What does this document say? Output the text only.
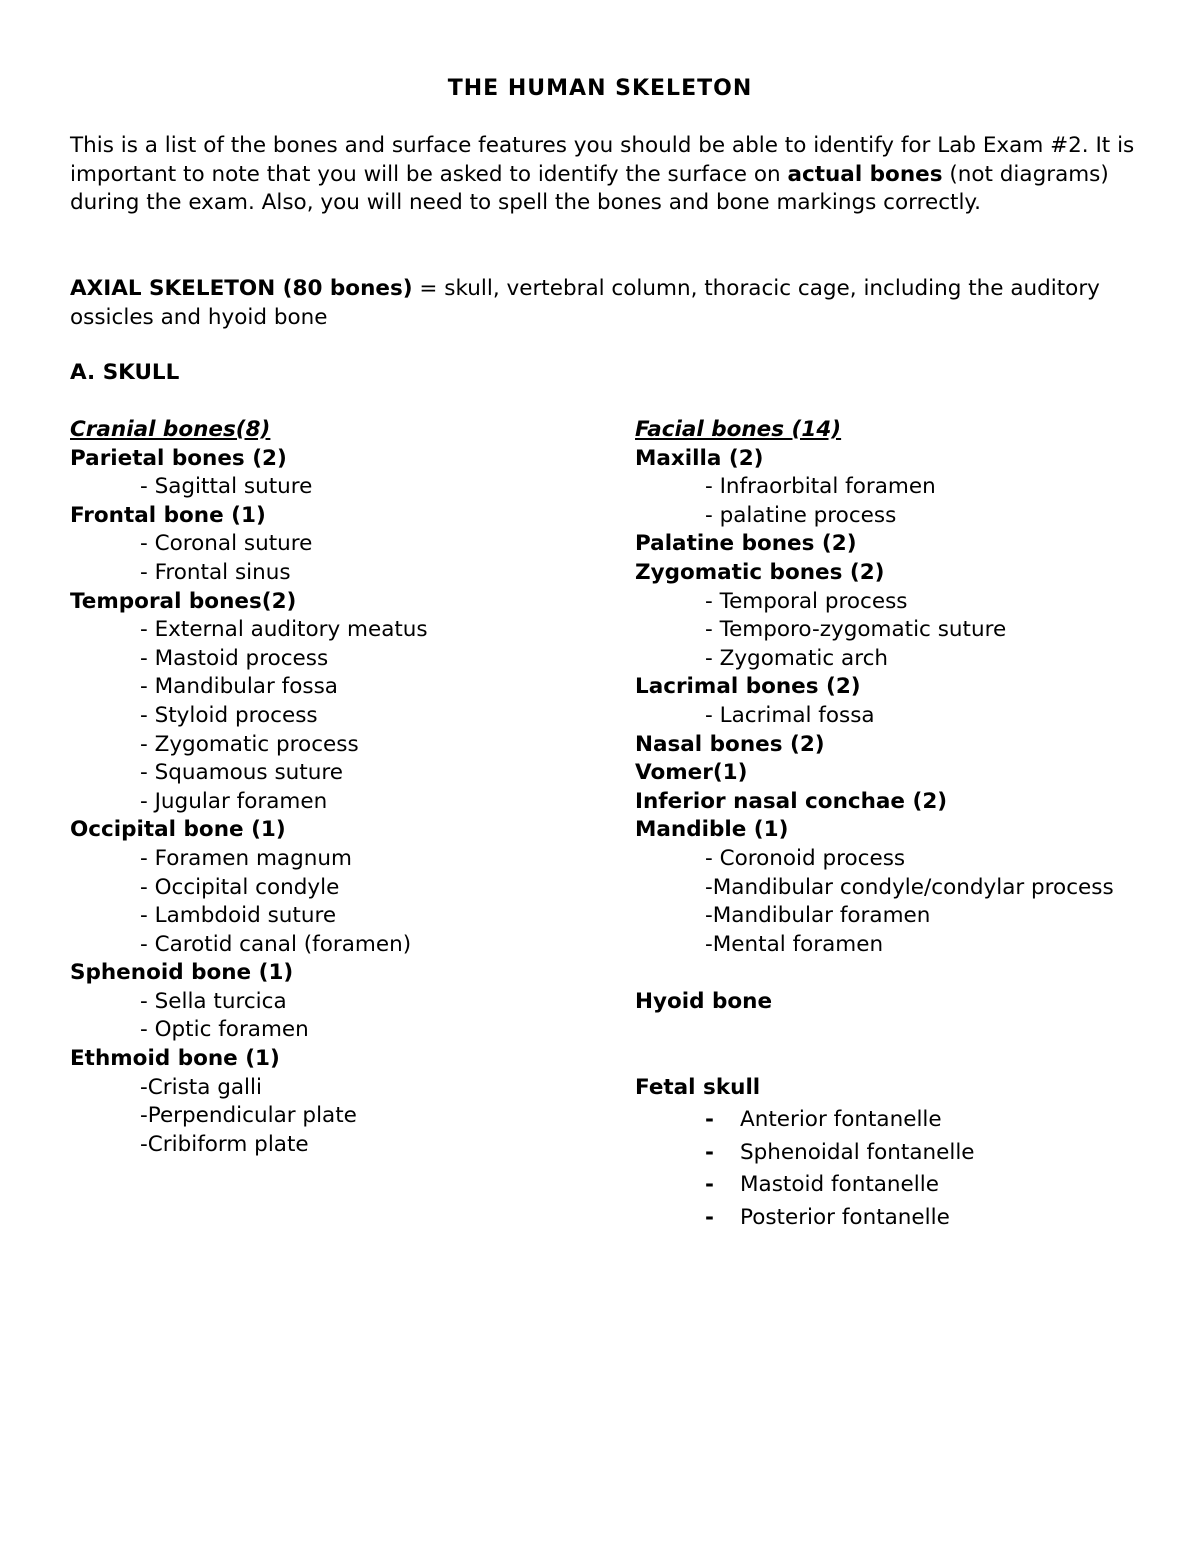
THE HUMAN SKELETON

This is a list of the bones and surface features you should be able to identify for Lab Exam #2. It is important to note that you will be asked to identify the surface on actual bones (not diagrams) during the exam. Also, you will need to spell the bones and bone markings correctly.

AXIAL SKELETON (80 bones) = skull, vertebral column, thoracic cage, including the auditory ossicles and hyoid bone

A. SKULL

Cranial bones(8)
Parietal bones (2)
- Sagittal suture
Frontal bone (1)
- Coronal suture
- Frontal sinus
Temporal bones(2)
- External auditory meatus
- Mastoid process
- Mandibular fossa
- Styloid process
- Zygomatic process
- Squamous suture
- Jugular foramen
Occipital bone (1)
- Foramen magnum
- Occipital condyle
- Lambdoid suture
- Carotid canal (foramen)
Sphenoid bone (1)
- Sella turcica
- Optic foramen
Ethmoid bone (1)
-Crista galli
-Perpendicular plate
-Cribiform plate
Facial bones (14)
Maxilla (2)
- Infraorbital foramen
- palatine process
Palatine bones (2)
Zygomatic bones (2)
- Temporal process
- Temporo-zygomatic suture
- Zygomatic arch
Lacrimal bones (2)
- Lacrimal fossa
Nasal bones (2)
Vomer(1)
Inferior nasal conchae (2)
Mandible (1)
- Coronoid process
-Mandibular condyle/condylar process
-Mandibular foramen
-Mental foramen
Hyoid bone
Fetal skull
- Anterior fontanelle
- Sphenoidal fontanelle
- Mastoid fontanelle
- Posterior fontanelle
